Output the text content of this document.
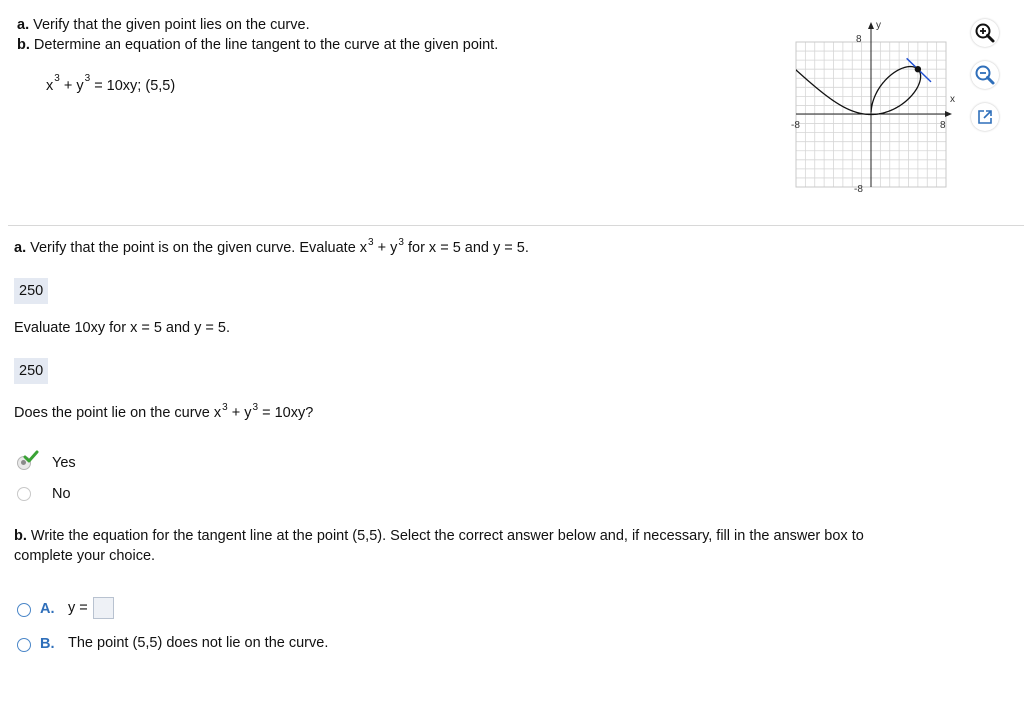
a. Verify that the given point lies on the curve.
b. Determine an equation of the line tangent to the curve at the given point.
$x^3 + y^3 = 10xy$; (5,5)
y
x
8
-8
-8	8
a. Verify that the point is on the given curve. Evaluate $x^3 + y^3$ for x = 5 and y = 5.
250
Evaluate 10xy for x = 5 and y = 5.
250
Does the point lie on the curve $x^3 + y^3 = 10xy$?
Yes
No
b. Write the equation for the tangent line at the point (5,5). Select the correct answer below and, if necessary, fill in the answer box to
complete your choice.
A. y =
B. The point (5,5) does not lie on the curve.
